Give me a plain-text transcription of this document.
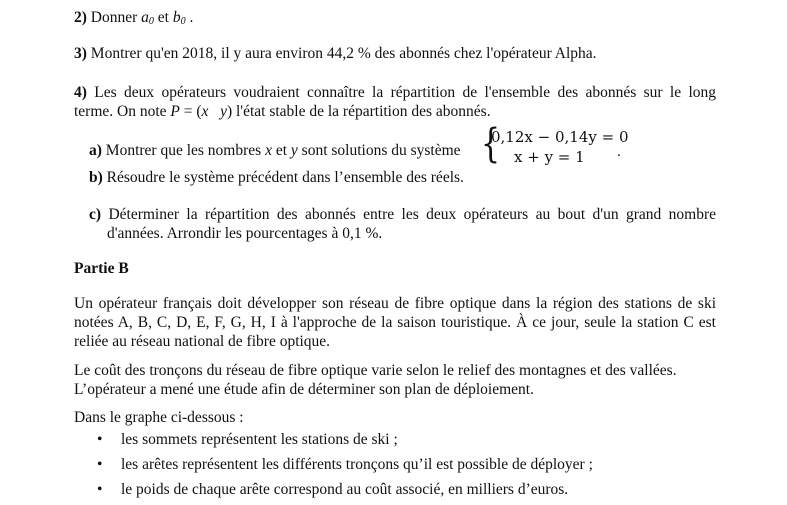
2) Donner $a_0$ et $b_0$ .
3) Montrer qu'en 2018, il y aura environ 44,2 % des abonnés chez l'opérateur Alpha.
4) Les deux opérateurs voudraient connaître la répartition de l'ensemble des abonnés sur le long
terme. On note P = (x y) l'état stable de la répartition des abonnés.
a) Montrer que les nombres x et y sont solutions du système {
0,12x − 0,14y = 0
x + y = 1 .
b) Résoudre le système précédent dans l’ensemble des réels.
c) Déterminer la répartition des abonnés entre les deux opérateurs au bout d'un grand nombre
d'années. Arrondir les pourcentages à 0,1 %.
Partie B
Un opérateur français doit développer son réseau de fibre optique dans la région des stations de ski
notées A, B, C, D, E, F, G, H, I à l'approche de la saison touristique. À ce jour, seule la station C est
reliée au réseau national de fibre optique.
Le coût des tronçons du réseau de fibre optique varie selon le relief des montagnes et des vallées.
L’opérateur a mené une étude afin de déterminer son plan de déploiement.
Dans le graphe ci-dessous :
• les sommets représentent les stations de ski ;
• les arêtes représentent les différents tronçons qu’il est possible de déployer ;
• le poids de chaque arête correspond au coût associé, en milliers d’euros.
